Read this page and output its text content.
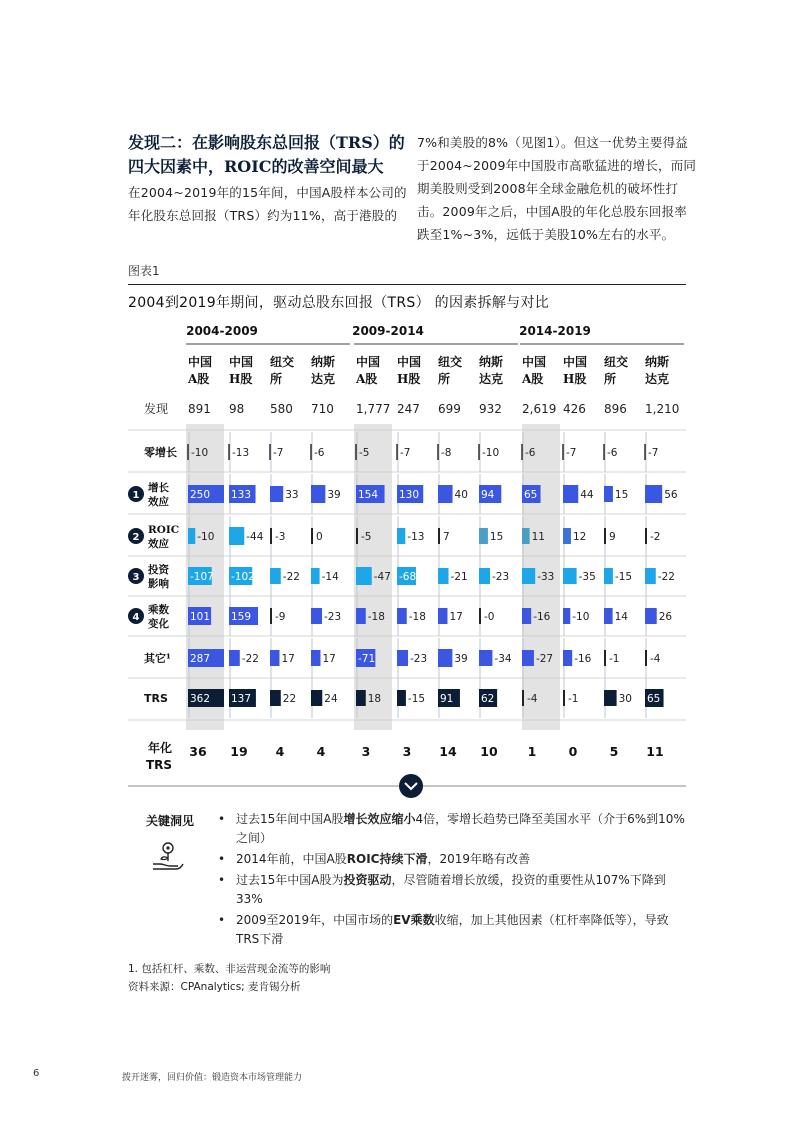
发现二：在影响股东总回报（TRS）的四大因素中，ROIC的改善空间最大
在2004~2019年的15年间，中国A股样本公司的年化股东总回报（TRS）约为11%，高于港股的
7%和美股的8%（见图1）。但这一优势主要得益于2004~2009年中国股市高歌猛进的增长，而同期美股则受到2008年全球金融危机的破坏性打击。2009年之后，中国A股的年化总股东回报率跌至1%~3%，远低于美股10%左右的水平。
图表1
2004到2019年期间，驱动总股东回报（TRS） 的因素拆解与对比
2004-2009	2009-2014	2014-2019
中国
A股
中国
H股
纽交
所
纳斯
达克
中国
A股
中国
H股
纽交
所
纳斯
达克
中国
A股
中国
H股
纽交
所
纳斯
达克
发现 891 98 580 710 1,777 247 699 932 2,619 426 896 1,210
零增长 -10 -13 -7	-6	-5	-7	-8	-10 -6	-7	-6	-7
1
增长
效应
250 133	33	39 154 130	40 94	65	44 15	56
2
ROIC
效应
-10	-44 -3	0	-5	-13 7	15	11	12 9	-2
3
投资
影响
-107 -102	-22 -14	-47 -68	-21 -23	-33 -35 -15 -22
4
乘数
变化
101 159 -9	-23	-18 -18 17 -0	-16 -10 14	26
其它¹ 287	-22 17	17 -71	-23	39	-34 -27 -16 -1	-4
TRS 362 137	22	24	18	-15 91	62	-4	-1	30 65
年化
TRS
36 19 4	4	3	3 14 10 1	0	5 11
关键洞见
•	过去15年间中国A股增长效应缩小4倍，零增长趋势已降至美国水平（介于6%到10%之间）
• 2014年前，中国A股ROIC持续下滑，2019年略有改善
• 过去15年中国A股为投资驱动，尽管随着增长放缓，投资的重要性从107%下降到33%
• 2009至2019年，中国市场的EV乘数收缩，加上其他因素（杠杆率降低等），导致TRS下滑
1. 包括杠杆、乘数、非运营现金流等的影响
资料来源：CPAnalytics; 麦肯锡分析
6	拨开迷雾，回归价值：锻造资本市场管理能力
